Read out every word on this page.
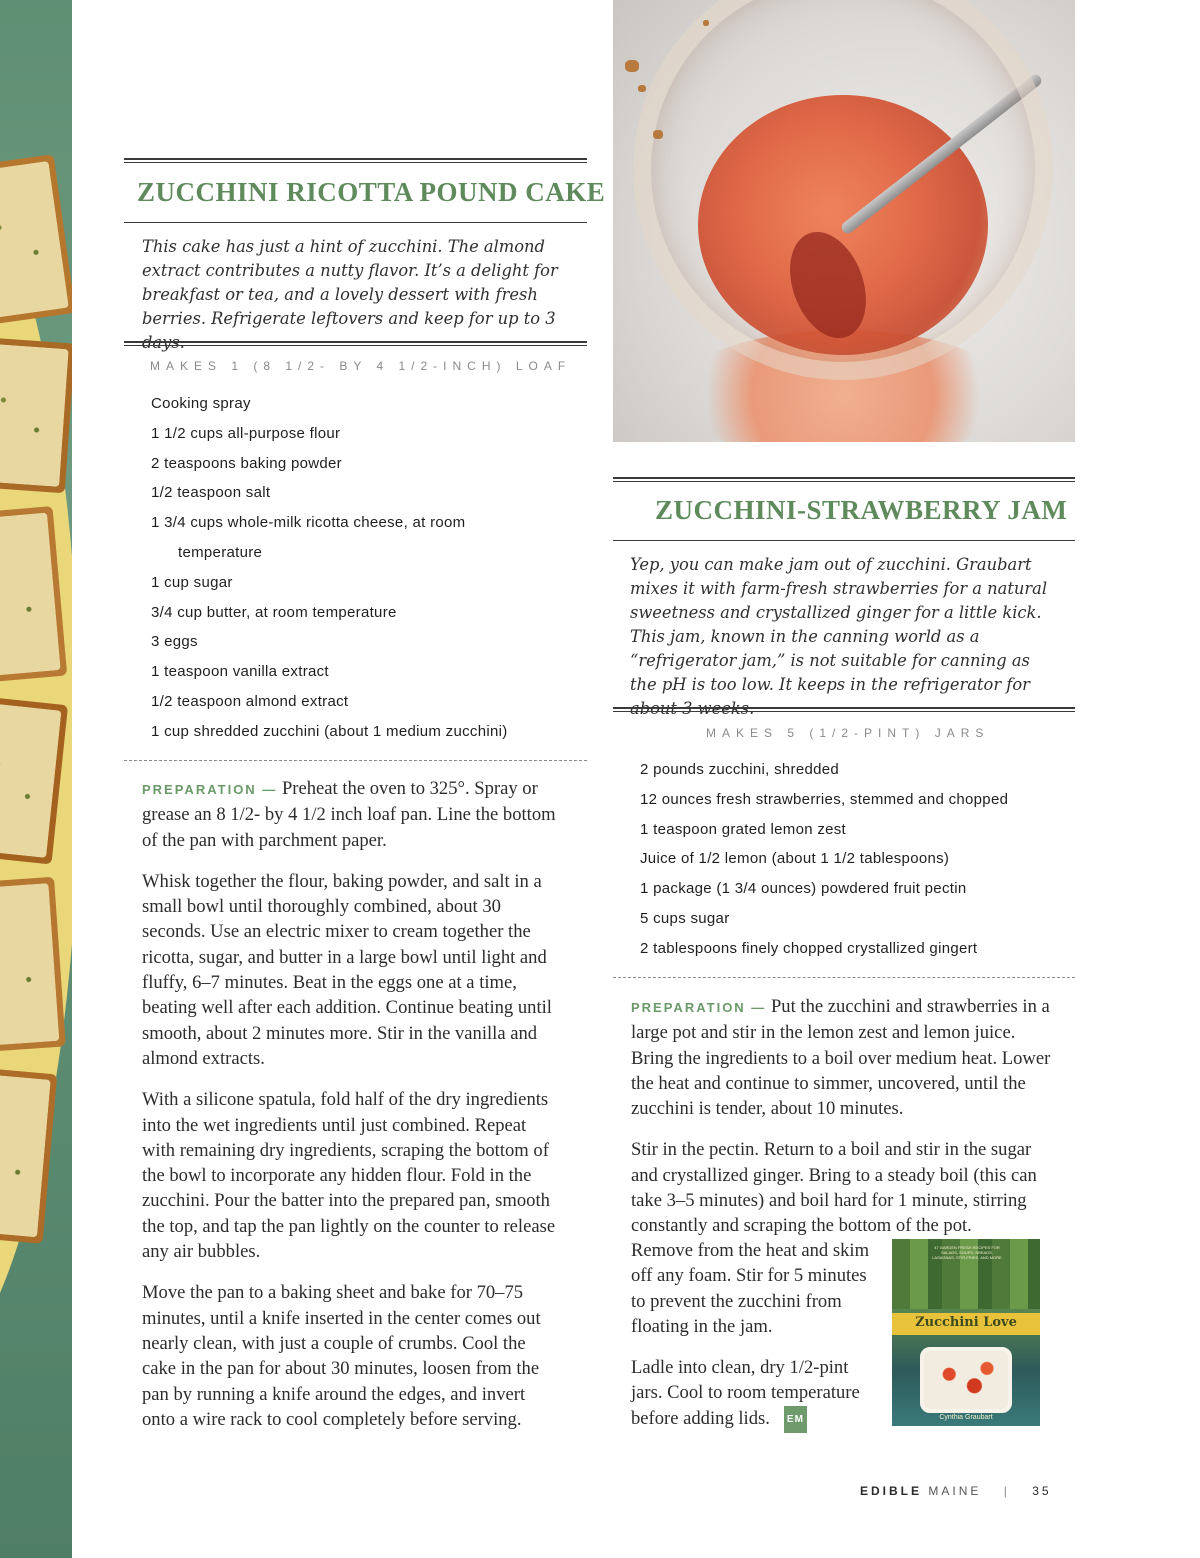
ZUCCHINI RICOTTA POUND CAKE

This cake has just a hint of zucchini. The almond extract contributes a nutty flavor. It’s a delight for breakfast or tea, and a lovely dessert with fresh berries. Refrigerate leftovers and keep for up to 3 days.

MAKES 1 (8 1/2- BY 4 1/2-INCH) LOAF
Cooking spray
1 1/2 cups all-purpose flour
2 teaspoons baking powder
1/2 teaspoon salt
1 3/4 cups whole-milk ricotta cheese, at room
temperature
1 cup sugar
3/4 cup butter, at room temperature
3 eggs
1 teaspoon vanilla extract
1/2 teaspoon almond extract
1 cup shredded zucchini (about 1 medium zucchini)

PREPARATION — Preheat the oven to 325°. Spray or grease an 8 1/2- by 4 1/2 inch loaf pan. Line the bottom of the pan with parchment paper.

Whisk together the flour, baking powder, and salt in a small bowl until thoroughly combined, about 30 seconds. Use an electric mixer to cream together the ricotta, sugar, and butter in a large bowl until light and fluffy, 6–7 minutes. Beat in the eggs one at a time, beating well after each addition. Continue beating until smooth, about 2 minutes more. Stir in the vanilla and almond extracts.

With a silicone spatula, fold half of the dry ingredients into the wet ingredients until just combined. Repeat with remaining dry ingredients, scraping the bottom of the bowl to incorporate any hidden flour. Fold in the zucchini. Pour the batter into the prepared pan, smooth the top, and tap the pan lightly on the counter to release any air bubbles.

Move the pan to a baking sheet and bake for 70–75 minutes, until a knife inserted in the center comes out nearly clean, with just a couple of crumbs. Cool the cake in the pan for about 30 minutes, loosen from the pan by running a knife around the edges, and invert onto a wire rack to cool completely before serving.

ZUCCHINI-STRAWBERRY JAM

Yep, you can make jam out of zucchini. Graubart mixes it with farm-fresh strawberries for a natural sweetness and crystallized ginger for a little kick. This jam, known in the canning world as a “refrigerator jam,” is not suitable for canning as the pH is too low. It keeps in the refrigerator for about 3 weeks.

MAKES 5 (1/2-PINT) JARS
2 pounds zucchini, shredded
12 ounces fresh strawberries, stemmed and chopped
1 teaspoon grated lemon zest
Juice of 1/2 lemon (about 1 1/2 tablespoons)
1 package (1 3/4 ounces) powdered fruit pectin
5 cups sugar
2 tablespoons finely chopped crystallized gingert

PREPARATION — Put the zucchini and strawberries in a large pot and stir in the lemon zest and lemon juice. Bring the ingredients to a boil over medium heat. Lower the heat and continue to simmer, uncovered, until the zucchini is tender, about 10 minutes.

Stir in the pectin. Return to a boil and stir in the sugar and crystallized ginger. Bring to a steady boil (this can take 3–5 minutes) and boil hard for 1 minute, stirring constantly and scraping the bottom of the pot.

Remove from the heat and skim off any foam. Stir for 5 minutes to prevent the zucchini from floating in the jam.

Ladle into clean, dry 1/2-pint jars. Cool to room temperature before adding lids. EM

47 GARDEN FRESH RECIPES FOR SALADS, SOUPS, BREADS, LASAGNAS, STIR-FRIES, AND MORE
Zucchini Love
Cynthia Graubart
EDIBLE MAINE | 35
